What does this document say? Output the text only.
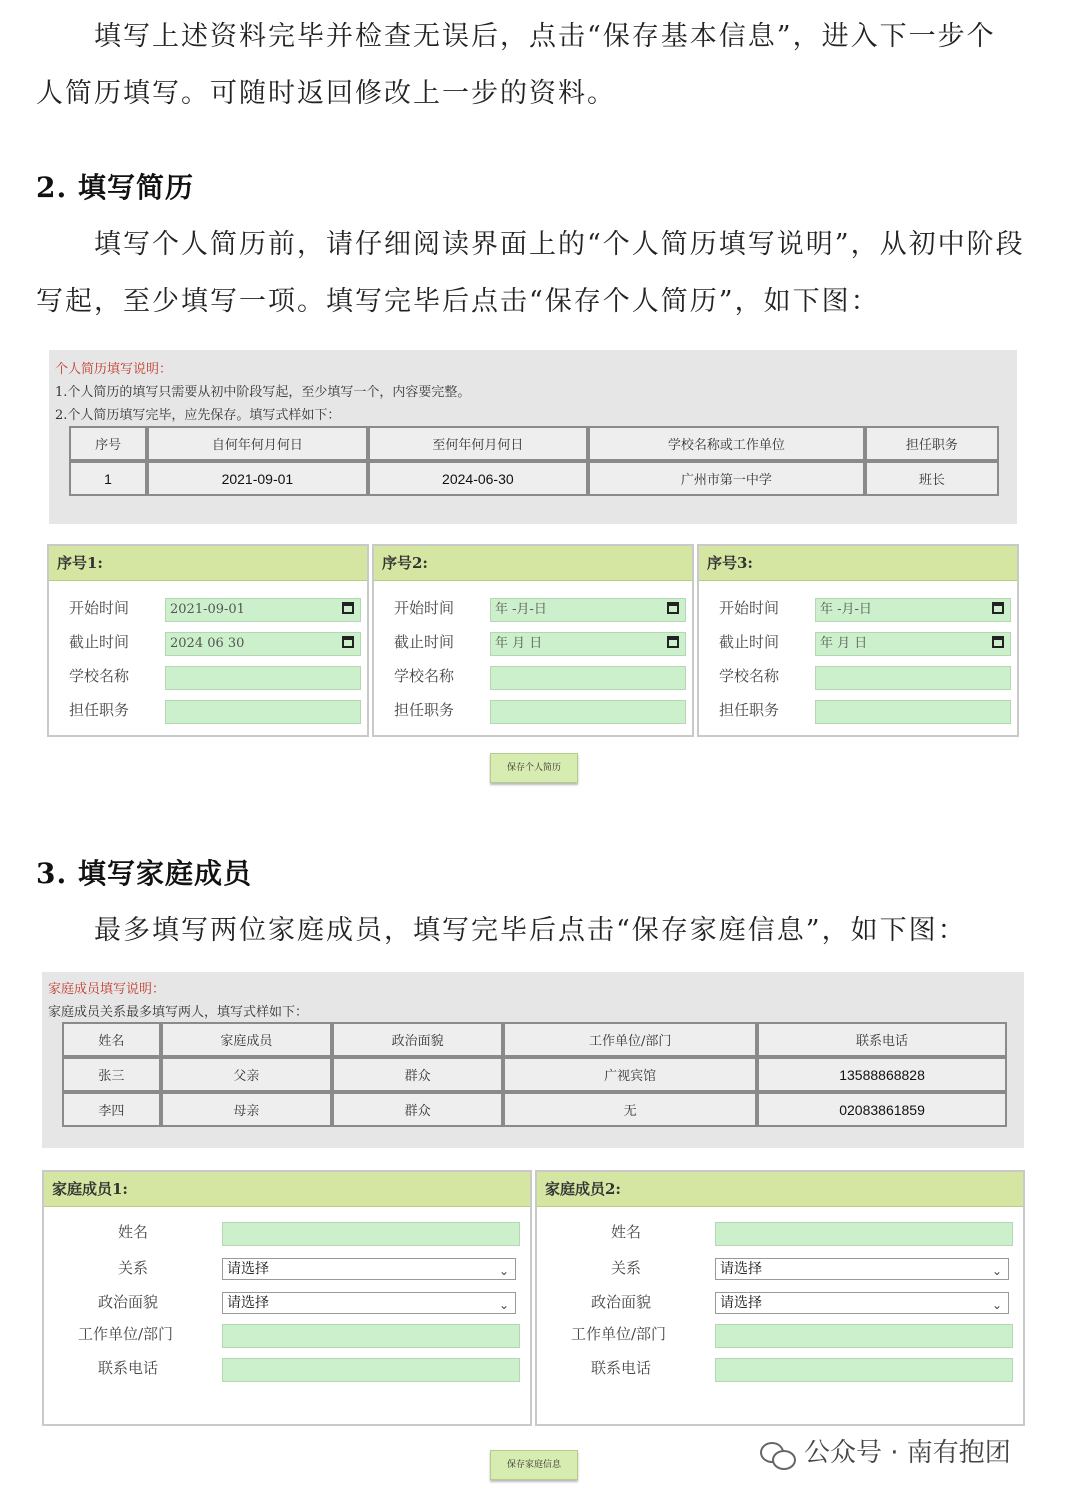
填写上述资料完毕并检查无误后，点击“保存基本信息”，进入下一步个
人简历填写。可随时返回修改上一步的资料。

2. 填写简历

填写个人简历前，请仔细阅读界面上的“个人简历填写说明”，从初中阶段
写起，至少填写一项。填写完毕后点击“保存个人简历”，如下图：

个人简历填写说明：
1.个人简历的填写只需要从初中阶段写起，至少填写一个，内容要完整。
2.个人简历填写完毕，应先保存。填写式样如下：
序号	自何年何月何日	至何年何月何日	学校名称或工作单位	担任职务
1	2021-09-01	2024-06-30	广州市第一中学	班长
序号1:
开始时间	2021-09-01
截止时间	2024 06 30
学校名称
担任职务
序号2:
开始时间	年 -月-日
截止时间	年 月 日
学校名称
担任职务
序号3:
开始时间	年 -月-日
截止时间	年 月 日
学校名称
担任职务
保存个人简历
3. 填写家庭成员

最多填写两位家庭成员，填写完毕后点击“保存家庭信息”，如下图：

家庭成员填写说明：
家庭成员关系最多填写两人，填写式样如下：
姓名	家庭成员	政治面貌	工作单位/部门	联系电话
张三	父亲	群众	广视宾馆	13588868828
李四	母亲	群众	无	02083861859
家庭成员1:
姓名
关系	请选择	⌄
政治面貌	请选择	⌄
工作单位/部门
联系电话
家庭成员2:
姓名
关系	请选择	⌄
政治面貌	请选择	⌄
工作单位/部门
联系电话
保存家庭信息	公众号 · 南有抱团
